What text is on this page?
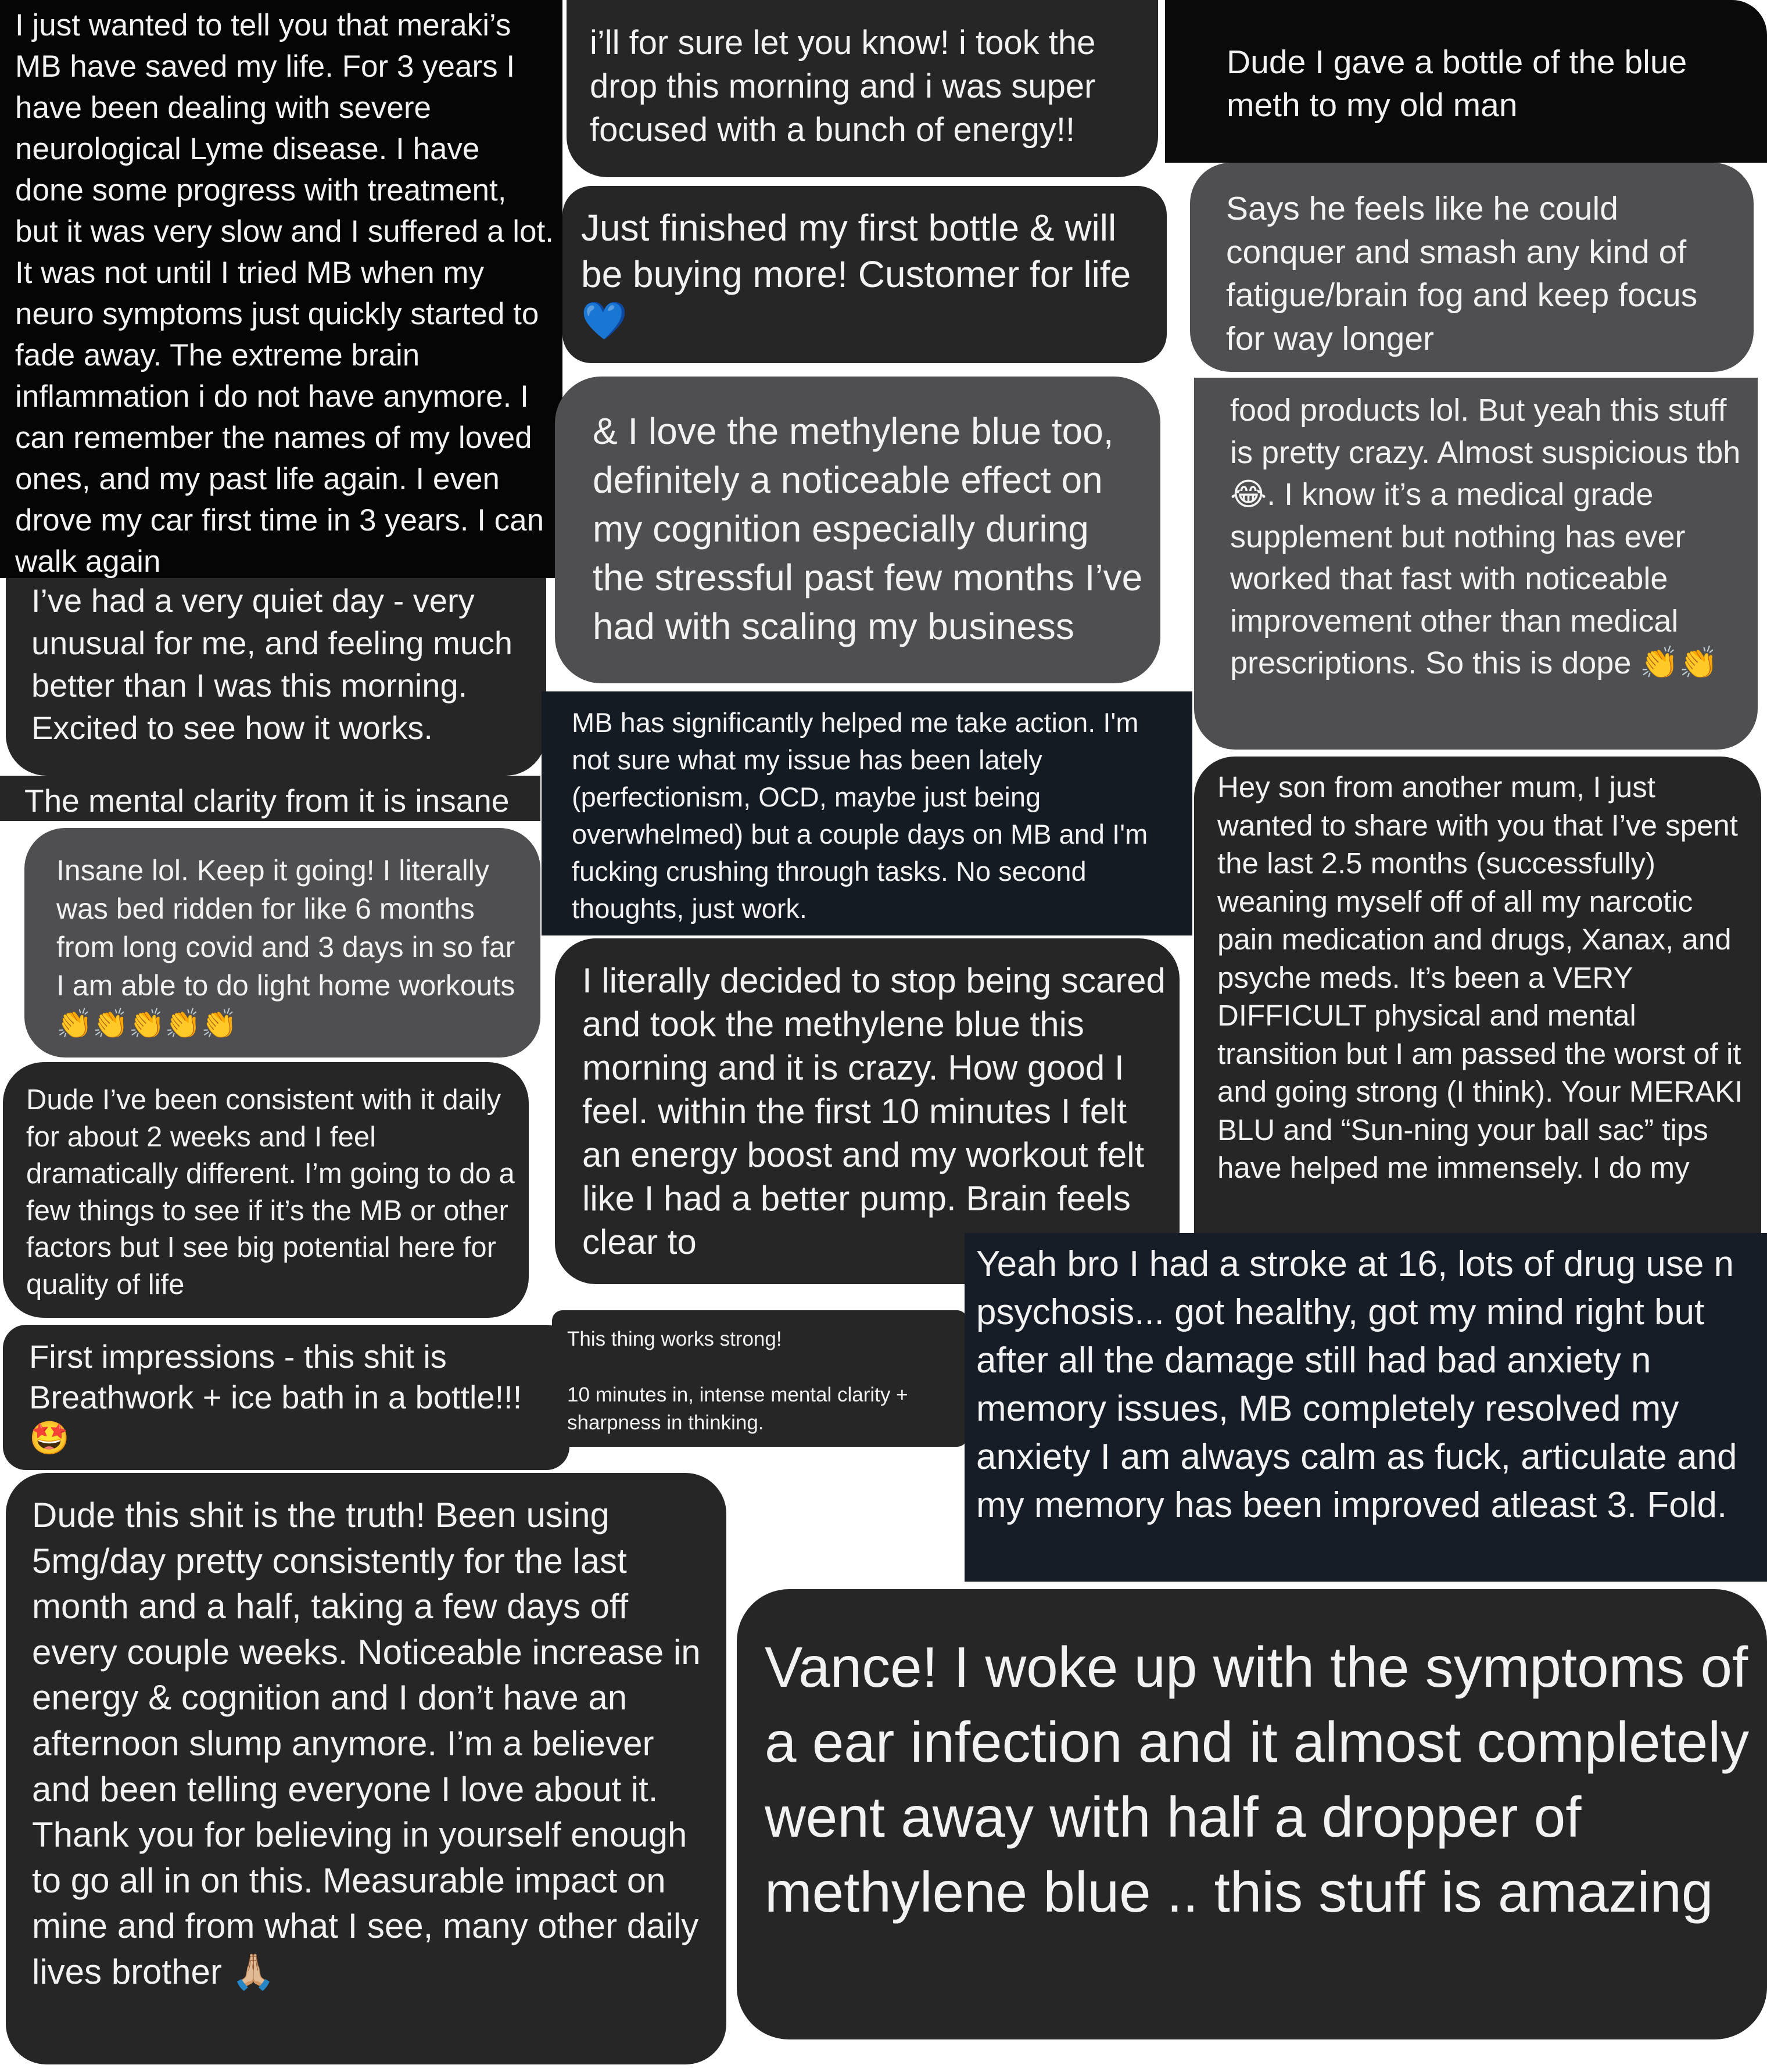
I just wanted to tell you that meraki’s MB have saved my life. For 3 years I have been dealing with severe neurological Lyme disease. I have done some progress with treatment, but it was very slow and I suffered a lot. It was not until I tried MB when my neuro symptoms just quickly started to fade away. The extreme brain inflammation i do not have anymore. I can remember the names of my loved ones, and my past life again. I even drove my car first time in 3 years. I can walk again
I’ve had a very quiet day - very unusual for me, and feeling much better than I was this morning. Excited to see how it works.
The mental clarity from it is insane
Insane lol. Keep it going! I literally was bed ridden for like 6 months from long covid and 3 days in so far I am able to do light home workouts 👏👏👏👏👏
Dude I’ve been consistent with it daily for about 2 weeks and I feel dramatically different. I’m going to do a few things to see if it’s the MB or other factors but I see big potential here for quality of life
First impressions - this shit is Breathwork + ice bath in a bottle!!! 🤩
Dude this shit is the truth! Been using 5mg/day pretty consistently for the last month and a half, taking a few days off every couple weeks. Noticeable increase in energy & cognition and I don’t have an afternoon slump anymore. I’m a believer and been telling everyone I love about it. Thank you for believing in yourself enough to go all in on this. Measurable impact on mine and from what I see, many other daily lives brother 🙏🏼
i’ll for sure let you know! i took the drop this morning and i was super focused with a bunch of energy!!
Just finished my first bottle & will be buying more! Customer for life 💙
& I love the methylene blue too, definitely a noticeable effect on my cognition especially during the stressful past few months I’ve had with scaling my business
MB has significantly helped me take action. I'm not sure what my issue has been lately (perfectionism, OCD, maybe just being overwhelmed) but a couple days on MB and I'm fucking crushing through tasks. No second thoughts, just work.
I literally decided to stop being scared and took the methylene blue this morning and it is crazy. How good I feel. within the first 10 minutes I felt an energy boost and my workout felt like I had a better pump. Brain feels clear to
This thing works strong!

10 minutes in, intense mental clarity + sharpness in thinking.
Dude I gave a bottle of the blue meth to my old man
Says he feels like he could conquer and smash any kind of fatigue/brain fog and keep focus for way longer
food products lol. But yeah this stuff is pretty crazy. Almost suspicious tbh 😂. I know it’s a medical grade supplement but nothing has ever worked that fast with noticeable improvement other than medical prescriptions. So this is dope 👏👏
Hey son from another mum, I just wanted to share with you that I’ve spent the last 2.5 months (successfully) weaning myself off of all my narcotic pain medication and drugs, Xanax, and psyche meds. It’s been a VERY DIFFICULT physical and mental transition but I am passed the worst of it and going strong (I think). Your MERAKI BLU and “Sun-ning your ball sac” tips have helped me immensely. I do my
Yeah bro I had a stroke at 16, lots of drug use n psychosis... got healthy, got my mind right but after all the damage still had bad anxiety n memory issues, MB completely resolved my anxiety I am always calm as fuck, articulate and my memory has been improved atleast 3. Fold.
Vance! I woke up with the symptoms of a ear infection and it almost completely went away with half a dropper of methylene blue .. this stuff is amazing
